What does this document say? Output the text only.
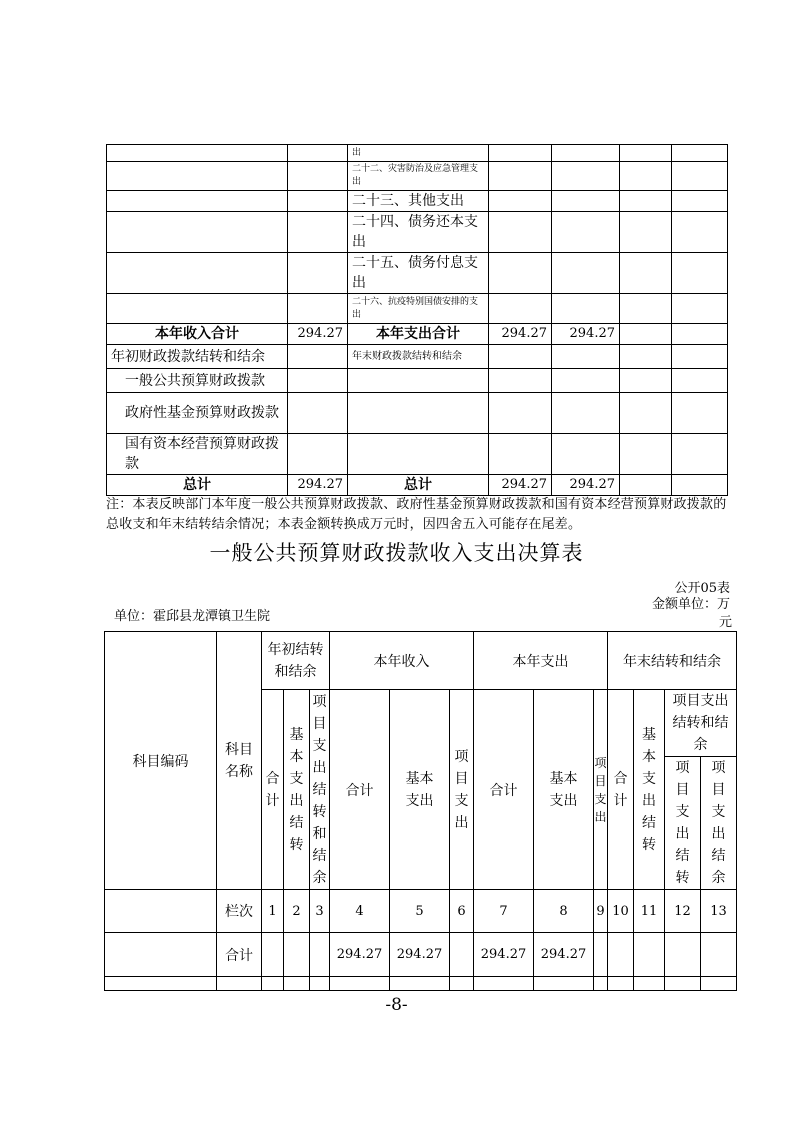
		出				
		二十二、灾害防治及应急管理支出				
		二十三、其他支出				
		二十四、债务还本支出				
		二十五、债务付息支出				
		二十六、抗疫特别国债安排的支出				
本年收入合计	294.27	本年支出合计	294.27	294.27		
年初财政拨款结转和结余		年末财政拨款结转和结余				
一般公共预算财政拨款						
政府性基金预算财政拨款						
国有资本经营预算财政拨款						
总计	294.27	总计	294.27	294.27		
注：本表反映部门本年度一般公共预算财政拨款、政府性基金预算财政拨款和国有资本经营预算财政拨款的总收支和年末结转结余情况；本表金额转换成万元时，因四舍五入可能存在尾差。
一般公共预算财政拨款收入支出决算表
公开05表
单位：霍邱县龙潭镇卫生院
金额单位：万
元
科目编码	科目名称	年初结转和结余			本年收入			本年支出			年末结转和结余			
		合计	基本支出结转	项目支出结转和结余	合计	基本支出	项目支出	合计	基本支出	项目支出	合计	基本支出结转	项目支出结转和结余	
													项目支出结转	项目支出结余
	栏次	1	2	3	4	5	6	7	8	9	10	11	12	13
	合计				294.27	294.27		294.27	294.27					

-8-
